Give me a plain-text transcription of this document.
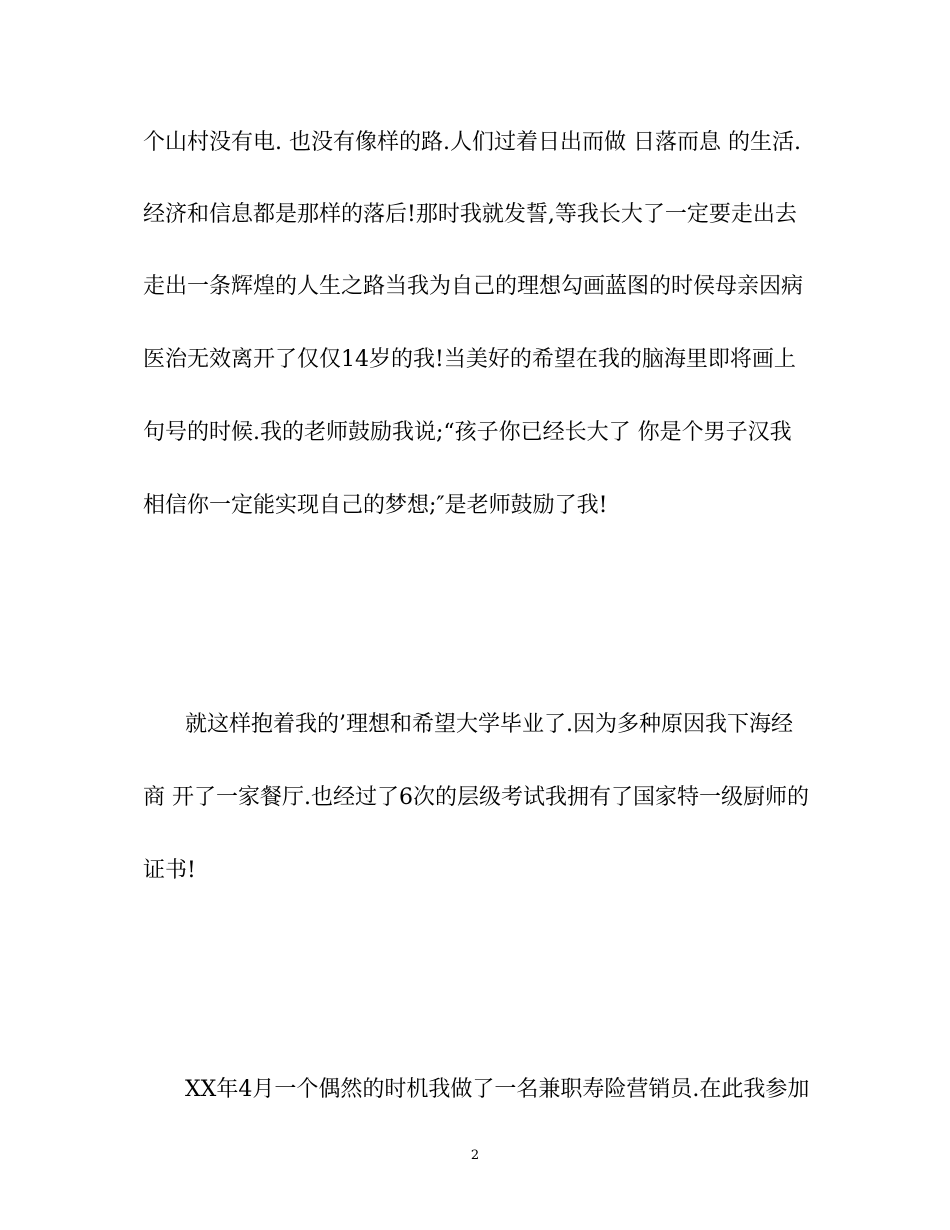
个山村没有电. 也没有像样的路.人们过着日出而做 日落而息 的生活.
经济和信息都是那样的落后!那时我就发誓,等我长大了一定要走出去
走出一条辉煌的人生之路当我为自己的理想勾画蓝图的时侯母亲因病
医治无效离开了仅仅14岁的我!当美好的希望在我的脑海里即将画上
句号的时候.我的老师鼓励我说;“孩子你已经长大了 你是个男子汉我
相信你一定能实现自己的梦想;″是老师鼓励了我!
就这样抱着我的’理想和希望大学毕业了.因为多种原因我下海经
商 开了一家餐厅.也经过了6次的层级考试我拥有了国家特一级厨师的
证书!
XX年4月一个偶然的时机我做了一名兼职寿险营销员.在此我参加
2
